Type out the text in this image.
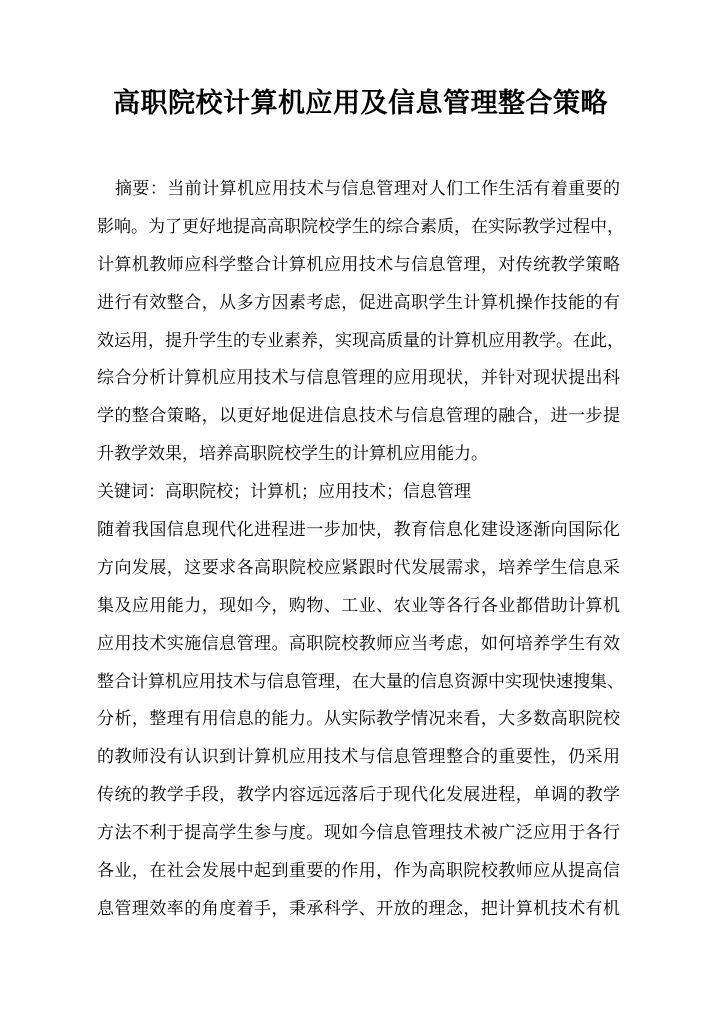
高职院校计算机应用及信息管理整合策略
摘要：当前计算机应用技术与信息管理对人们工作生活有着重要的
影响。为了更好地提高高职院校学生的综合素质，在实际教学过程中，
计算机教师应科学整合计算机应用技术与信息管理，对传统教学策略
进行有效整合，从多方因素考虑，促进高职学生计算机操作技能的有
效运用，提升学生的专业素养，实现高质量的计算机应用教学。在此，
综合分析计算机应用技术与信息管理的应用现状，并针对现状提出科
学的整合策略，以更好地促进信息技术与信息管理的融合，进一步提
升教学效果，培养高职院校学生的计算机应用能力。
关键词：高职院校；计算机；应用技术；信息管理
随着我国信息现代化进程进一步加快，教育信息化建设逐渐向国际化
方向发展，这要求各高职院校应紧跟时代发展需求，培养学生信息采
集及应用能力，现如今，购物、工业、农业等各行各业都借助计算机
应用技术实施信息管理。高职院校教师应当考虑，如何培养学生有效
整合计算机应用技术与信息管理，在大量的信息资源中实现快速搜集、
分析，整理有用信息的能力。从实际教学情况来看，大多数高职院校
的教师没有认识到计算机应用技术与信息管理整合的重要性，仍采用
传统的教学手段，教学内容远远落后于现代化发展进程，单调的教学
方法不利于提高学生参与度。现如今信息管理技术被广泛应用于各行
各业，在社会发展中起到重要的作用，作为高职院校教师应从提高信
息管理效率的角度着手，秉承科学、开放的理念，把计算机技术有机
